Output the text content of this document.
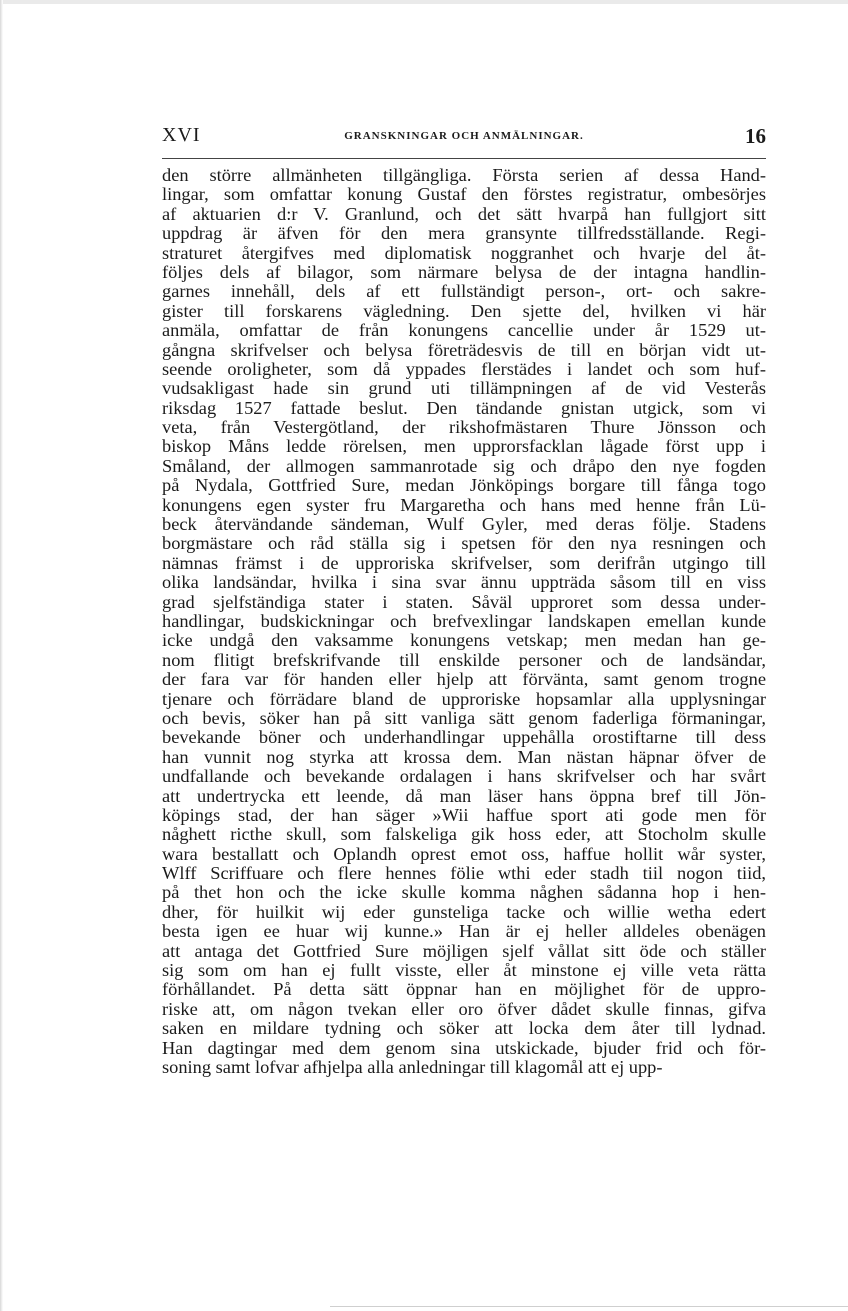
XVI	GRANSKNINGAR OCH ANMÄLNINGAR.	16
den större allmänheten tillgängliga. Första serien af dessa Hand-
lingar, som omfattar konung Gustaf den förstes registratur, ombesörjes
af aktuarien d:r V. Granlund, och det sätt hvarpå han fullgjort sitt
uppdrag är äfven för den mera gransynte tillfredsställande. Regi-
straturet återgifves med diplomatisk noggranhet och hvarje del åt-
följes dels af bilagor, som närmare belysa de der intagna handlin-
garnes innehåll, dels af ett fullständigt person-, ort- och sakre-
gister till forskarens vägledning. Den sjette del, hvilken vi här
anmäla, omfattar de från konungens cancellie under år 1529 ut-
gångna skrifvelser och belysa företrädesvis de till en början vidt ut-
seende oroligheter, som då yppades flerstädes i landet och som huf-
vudsakligast hade sin grund uti tillämpningen af de vid Vesterås
riksdag 1527 fattade beslut. Den tändande gnistan utgick, som vi
veta, från Vestergötland, der rikshofmästaren Thure Jönsson och
biskop Måns ledde rörelsen, men upprorsfacklan lågade först upp i
Småland, der allmogen sammanrotade sig och dråpo den nye fogden
på Nydala, Gottfried Sure, medan Jönköpings borgare till fånga togo
konungens egen syster fru Margaretha och hans med henne från Lü-
beck återvändande sändeman, Wulf Gyler, med deras följe. Stadens
borgmästare och råd ställa sig i spetsen för den nya resningen och
nämnas främst i de upproriska skrifvelser, som derifrån utgingo till
olika landsändar, hvilka i sina svar ännu uppträda såsom till en viss
grad sjelfständiga stater i staten. Såväl upproret som dessa under-
handlingar, budskickningar och brefvexlingar landskapen emellan kunde
icke undgå den vaksamme konungens vetskap; men medan han ge-
nom flitigt brefskrifvande till enskilde personer och de landsändar,
der fara var för handen eller hjelp att förvänta, samt genom trogne
tjenare och förrädare bland de upproriske hopsamlar alla upplysningar
och bevis, söker han på sitt vanliga sätt genom faderliga förmaningar,
bevekande böner och underhandlingar uppehålla orostiftarne till dess
han vunnit nog styrka att krossa dem. Man nästan häpnar öfver de
undfallande och bevekande ordalagen i hans skrifvelser och har svårt
att undertrycka ett leende, då man läser hans öppna bref till Jön-
köpings stad, der han säger »Wii haffue sport ati gode men för
någhett ricthe skull, som falskeliga gik hoss eder, att Stocholm skulle
wara bestallatt och Oplandh oprest emot oss, haffue hollit wår syster,
Wlff Scriffuare och flere hennes fölie wthi eder stadh tiil nogon tiid,
på thet hon och the icke skulle komma någhen sådanna hop i hen-
dher, för huilkit wij eder gunsteliga tacke och willie wetha edert
besta igen ee huar wij kunne.» Han är ej heller alldeles obenägen
att antaga det Gottfried Sure möjligen sjelf vållat sitt öde och ställer
sig som om han ej fullt visste, eller åt minstone ej ville veta rätta
förhållandet. På detta sätt öppnar han en möjlighet för de uppro-
riske att, om någon tvekan eller oro öfver dådet skulle finnas, gifva
saken en mildare tydning och söker att locka dem åter till lydnad.
Han dagtingar med dem genom sina utskickade, bjuder frid och för-
soning samt lofvar afhjelpa alla anledningar till klagomål att ej upp-
